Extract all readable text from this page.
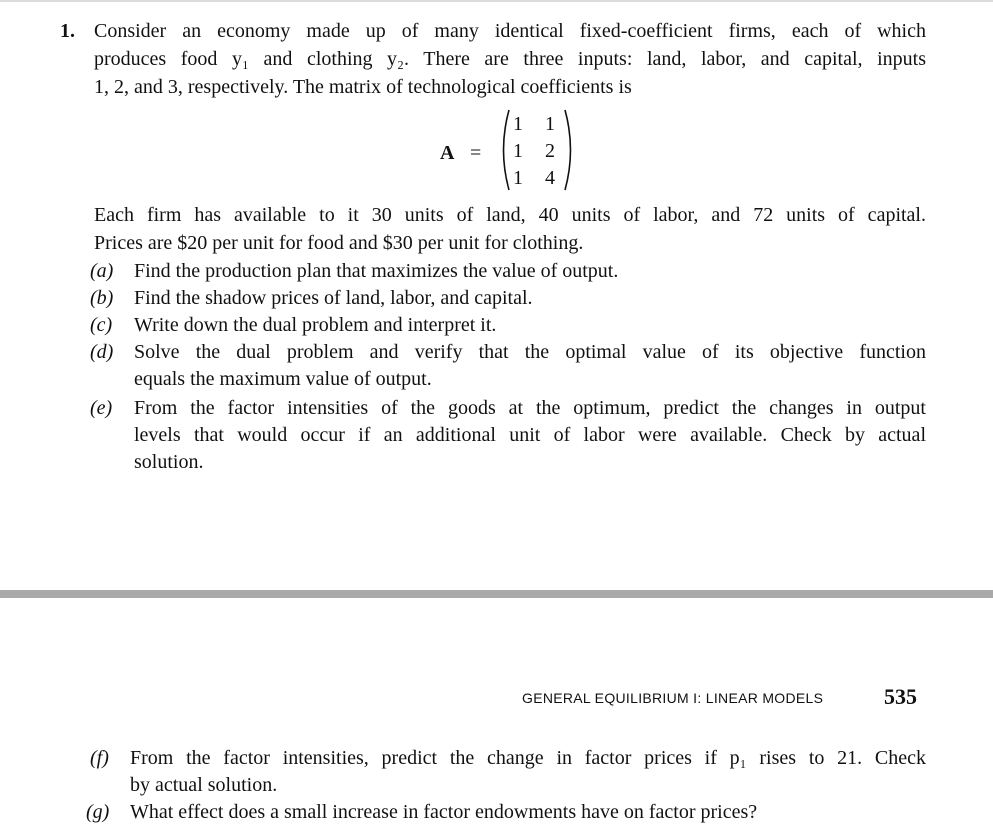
1. Consider an economy made up of many identical fixed-coefficient firms, each of which
produces food y₁ and clothing y₂. There are three inputs: land, labor, and capital, inputs
1, 2, and 3, respectively. The matrix of technological coefficients is
A =
1 1
1 2
1 4
Each firm has available to it 30 units of land, 40 units of labor, and 72 units of capital.
Prices are $20 per unit for food and $30 per unit for clothing.
(a) Find the production plan that maximizes the value of output.
(b) Find the shadow prices of land, labor, and capital.
(c) Write down the dual problem and interpret it.
(d) Solve the dual problem and verify that the optimal value of its objective function
equals the maximum value of output.
(e) From the factor intensities of the goods at the optimum, predict the changes in output
levels that would occur if an additional unit of labor were available. Check by actual
solution.
GENERAL EQUILIBRIUM I: LINEAR MODELS	535
(f) From the factor intensities, predict the change in factor prices if p₁ rises to 21. Check
by actual solution.
(g) What effect does a small increase in factor endowments have on factor prices?
